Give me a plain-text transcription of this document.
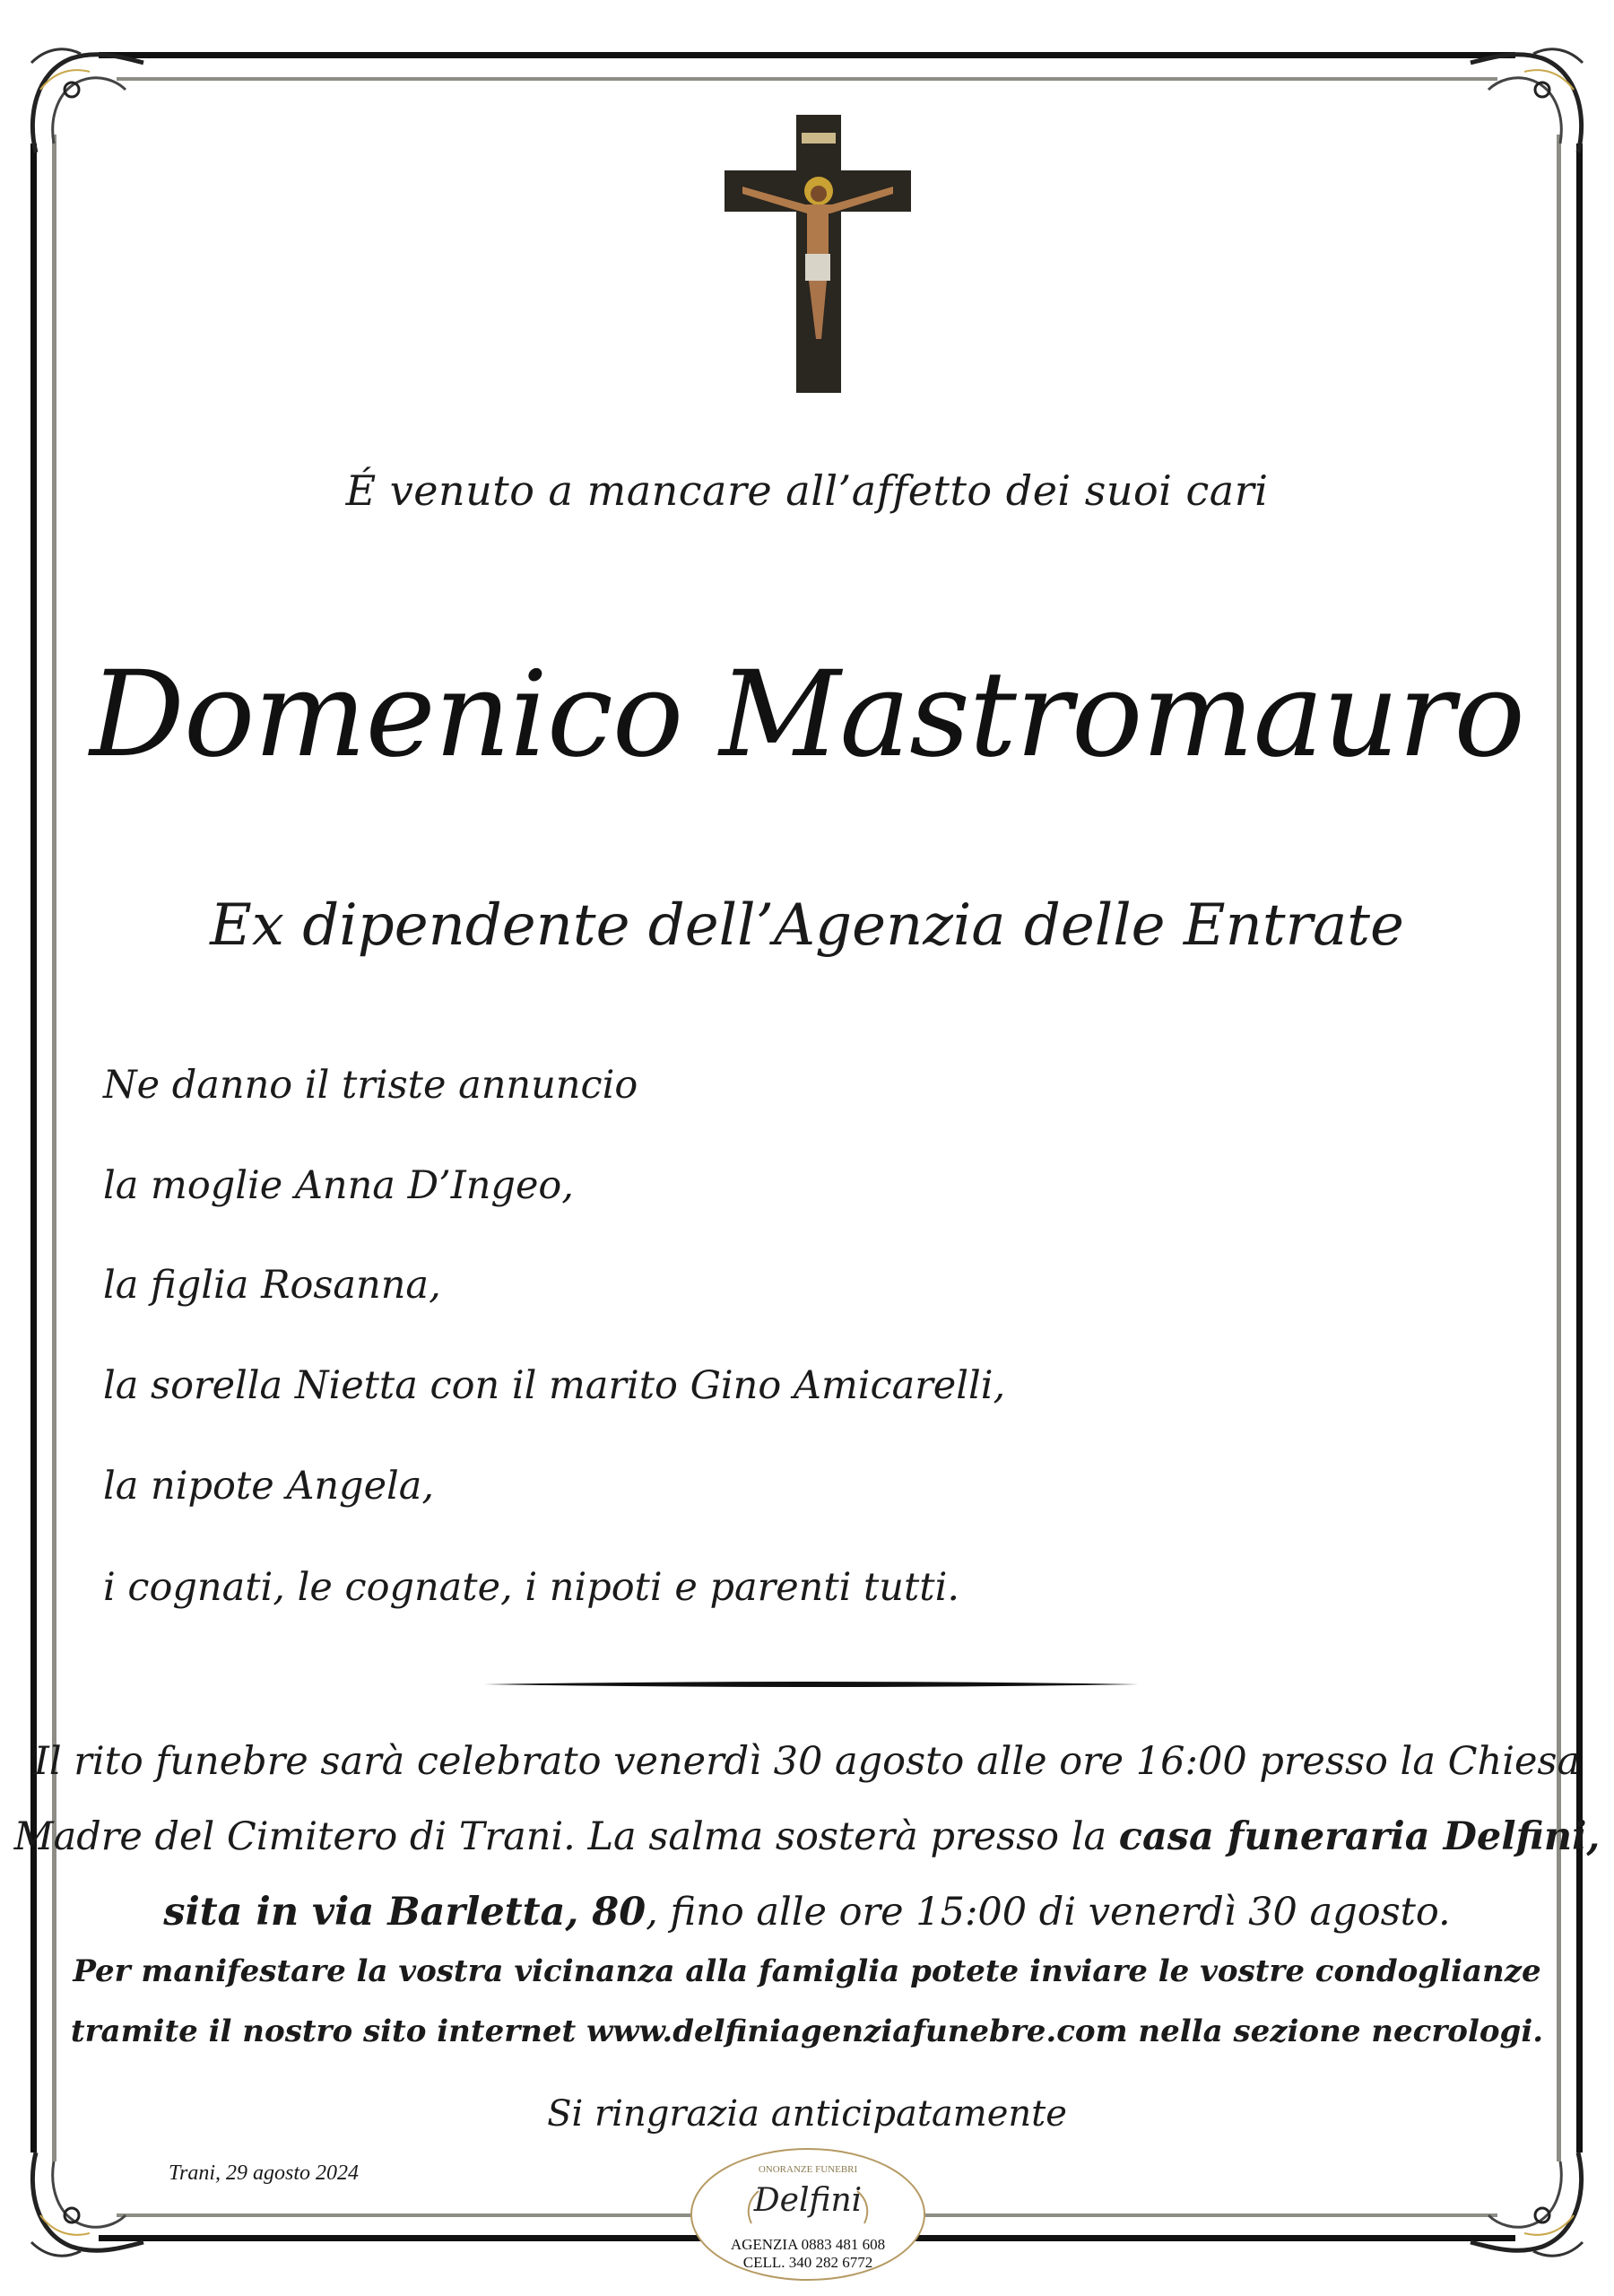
É venuto a mancare all’affetto dei suoi cari
Domenico Mastromauro
Ex dipendente dell’Agenzia delle Entrate
Ne danno il triste annuncio
la moglie Anna D’Ingeo,
la figlia Rosanna,
la sorella Nietta con il marito Gino Amicarelli,
la nipote Angela,
i cognati, le cognate, i nipoti e parenti tutti.
Il rito funebre sarà celebrato venerdì 30 agosto alle ore 16:00 presso la Chiesa
Madre del Cimitero di Trani. La salma sosterà presso la casa funeraria Delfini,
sita in via Barletta, 80, fino alle ore 15:00 di venerdì 30 agosto.
Per manifestare la vostra vicinanza alla famiglia potete inviare le vostre condoglianze
tramite il nostro sito internet www.delfiniagenziafunebre.com nella sezione necrologi.
Si ringrazia anticipatamente
Trani, 29 agosto 2024	ONORANZE FUNEBRI
Delfini
AGENZIA 0883 481 608
CELL. 340 282 6772
